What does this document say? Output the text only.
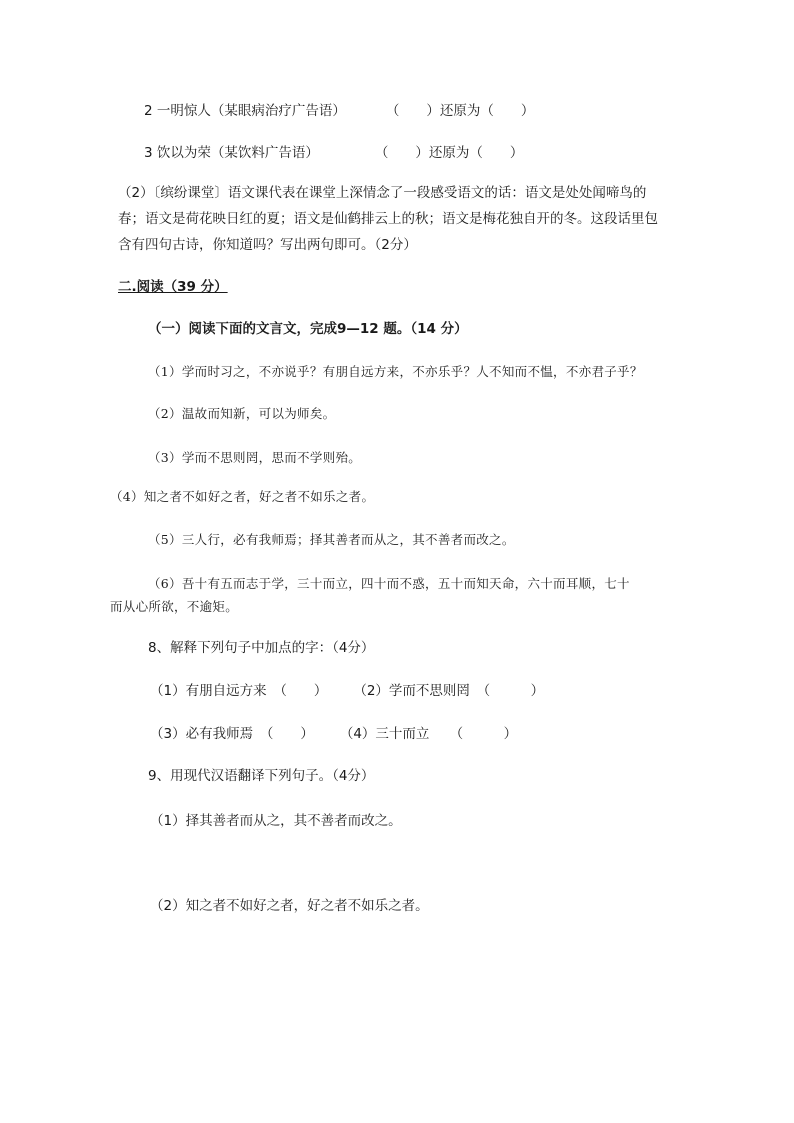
2 一明惊人（某眼病治疗广告语）	（　　）还原为（　　）
3 饮以为荣（某饮料广告语）	（　　）还原为（　　）
（2）〔缤纷课堂〕语文课代表在课堂上深情念了一段感受语文的话：语文是处处闻啼鸟的春；语文是荷花映日红的夏；语文是仙鹤排云上的秋；语文是梅花独自开的冬。这段话里包含有四句古诗，你知道吗？写出两句即可。（2分）
二.阅读（39 分）
（一）阅读下面的文言文，完成9—12 题。（14 分）
（1）学而时习之，不亦说乎？有朋自远方来，不亦乐乎？人不知而不愠，不亦君子乎？
（2）温故而知新，可以为师矣。
（3）学而不思则罔，思而不学则殆。
（4）知之者不如好之者，好之者不如乐之者。
（5）三人行，必有我师焉；择其善者而从之，其不善者而改之。
（6）吾十有五而志于学，三十而立，四十而不惑，五十而知天命，六十而耳顺，七十
而从心所欲，不逾矩。
8、解释下列句子中加点的字：（4分）
（1）有朋自远方来　（　　） （2）学而不思则罔　（　　　）
（3）必有我师焉　（　　） （4）三十而立　　（　　　）
9、用现代汉语翻译下列句子。（4分）
（1）择其善者而从之，其不善者而改之。
（2）知之者不如好之者，好之者不如乐之者。
